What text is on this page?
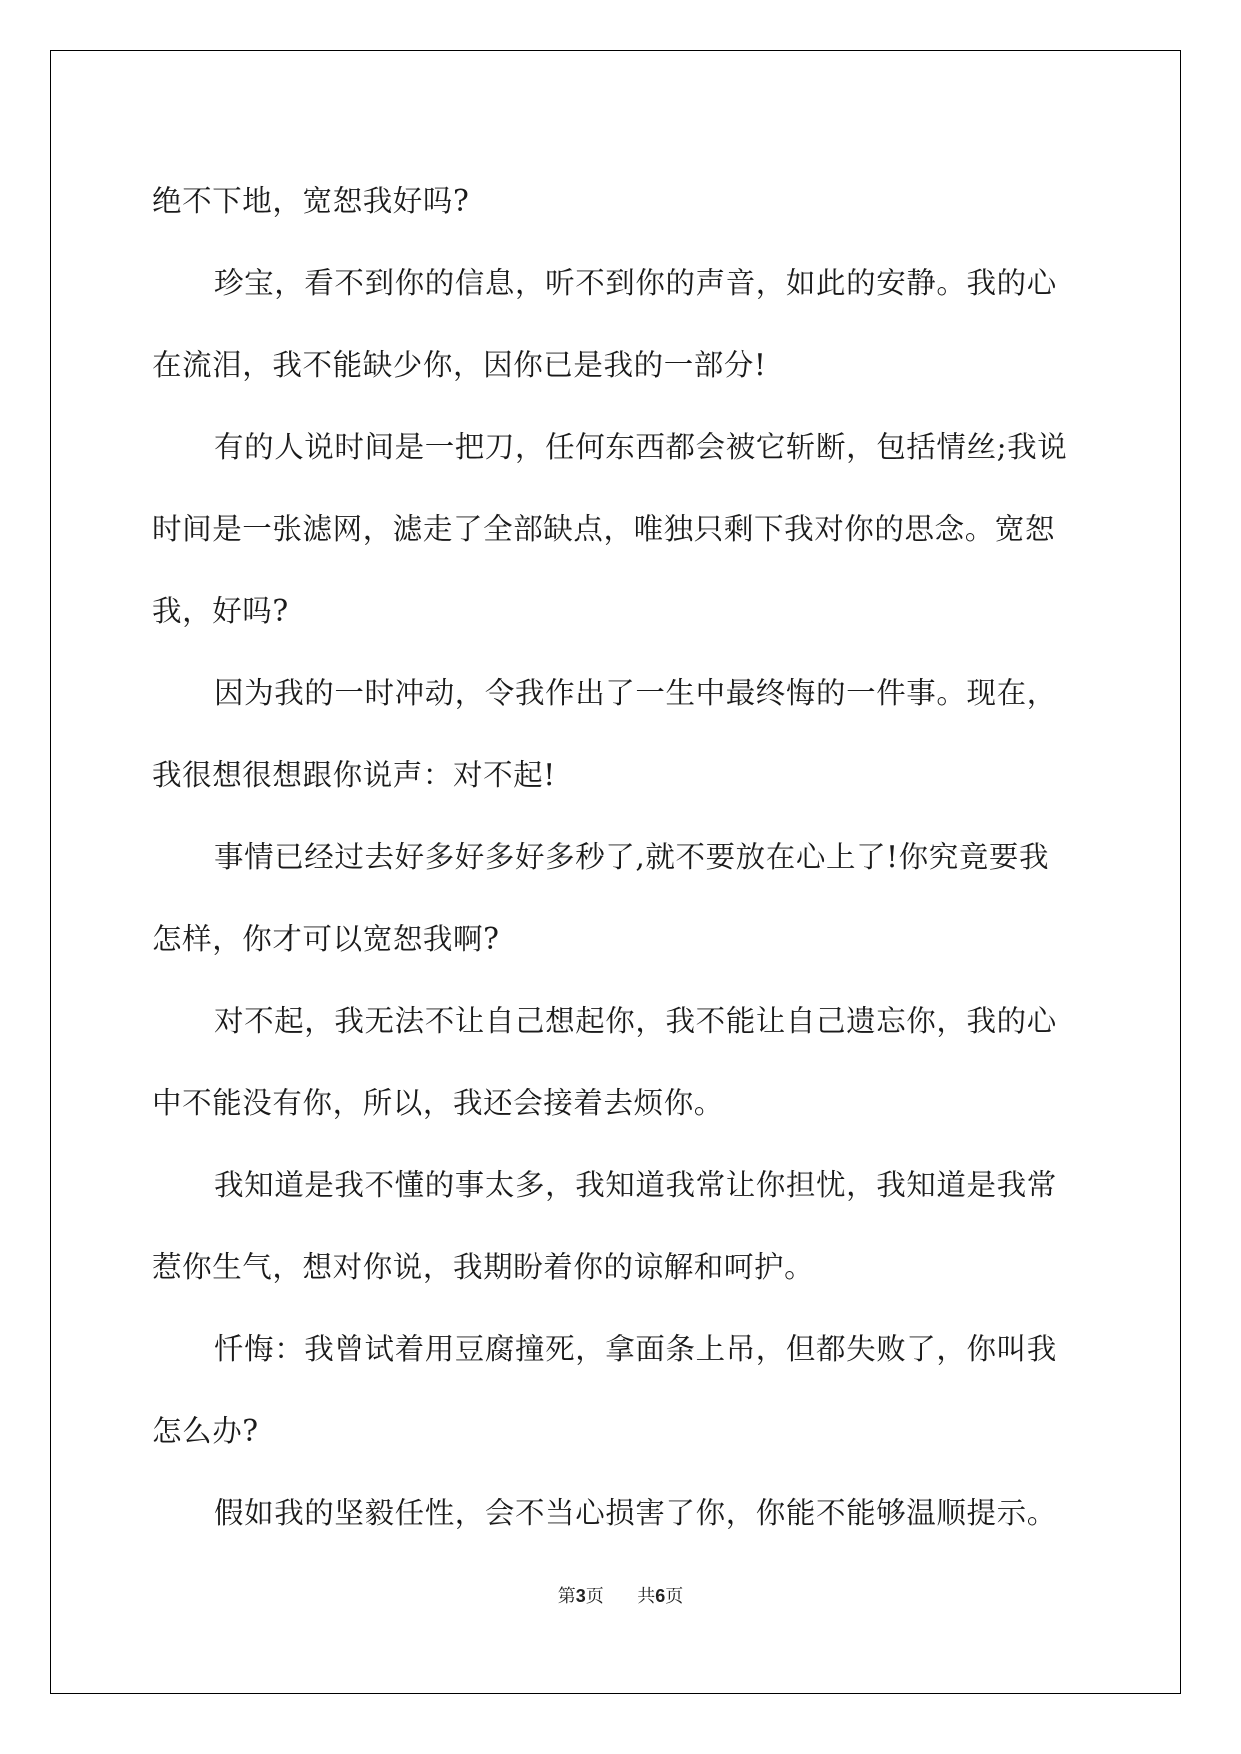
绝不下地，宽恕我好吗?
珍宝，看不到你的信息，听不到你的声音，如此的安静。我的心
在流泪，我不能缺少你，因你已是我的一部分!
有的人说时间是一把刀，任何东西都会被它斩断，包括情丝;我说
时间是一张滤网，滤走了全部缺点，唯独只剩下我对你的思念。宽恕
我，好吗?
因为我的一时冲动，令我作出了一生中最终悔的一件事。现在，
我很想很想跟你说声：对不起!
事情已经过去好多好多好多秒了,就不要放在心上了!你究竟要我
怎样，你才可以宽恕我啊?
对不起，我无法不让自己想起你，我不能让自己遗忘你，我的心
中不能没有你，所以，我还会接着去烦你。
我知道是我不懂的事太多，我知道我常让你担忧，我知道是我常
惹你生气，想对你说，我期盼着你的谅解和呵护。
忏悔：我曾试着用豆腐撞死，拿面条上吊，但都失败了，你叫我
怎么办?
假如我的坚毅任性，会不当心损害了你，你能不能够温顺提示。

第3页 共6页
